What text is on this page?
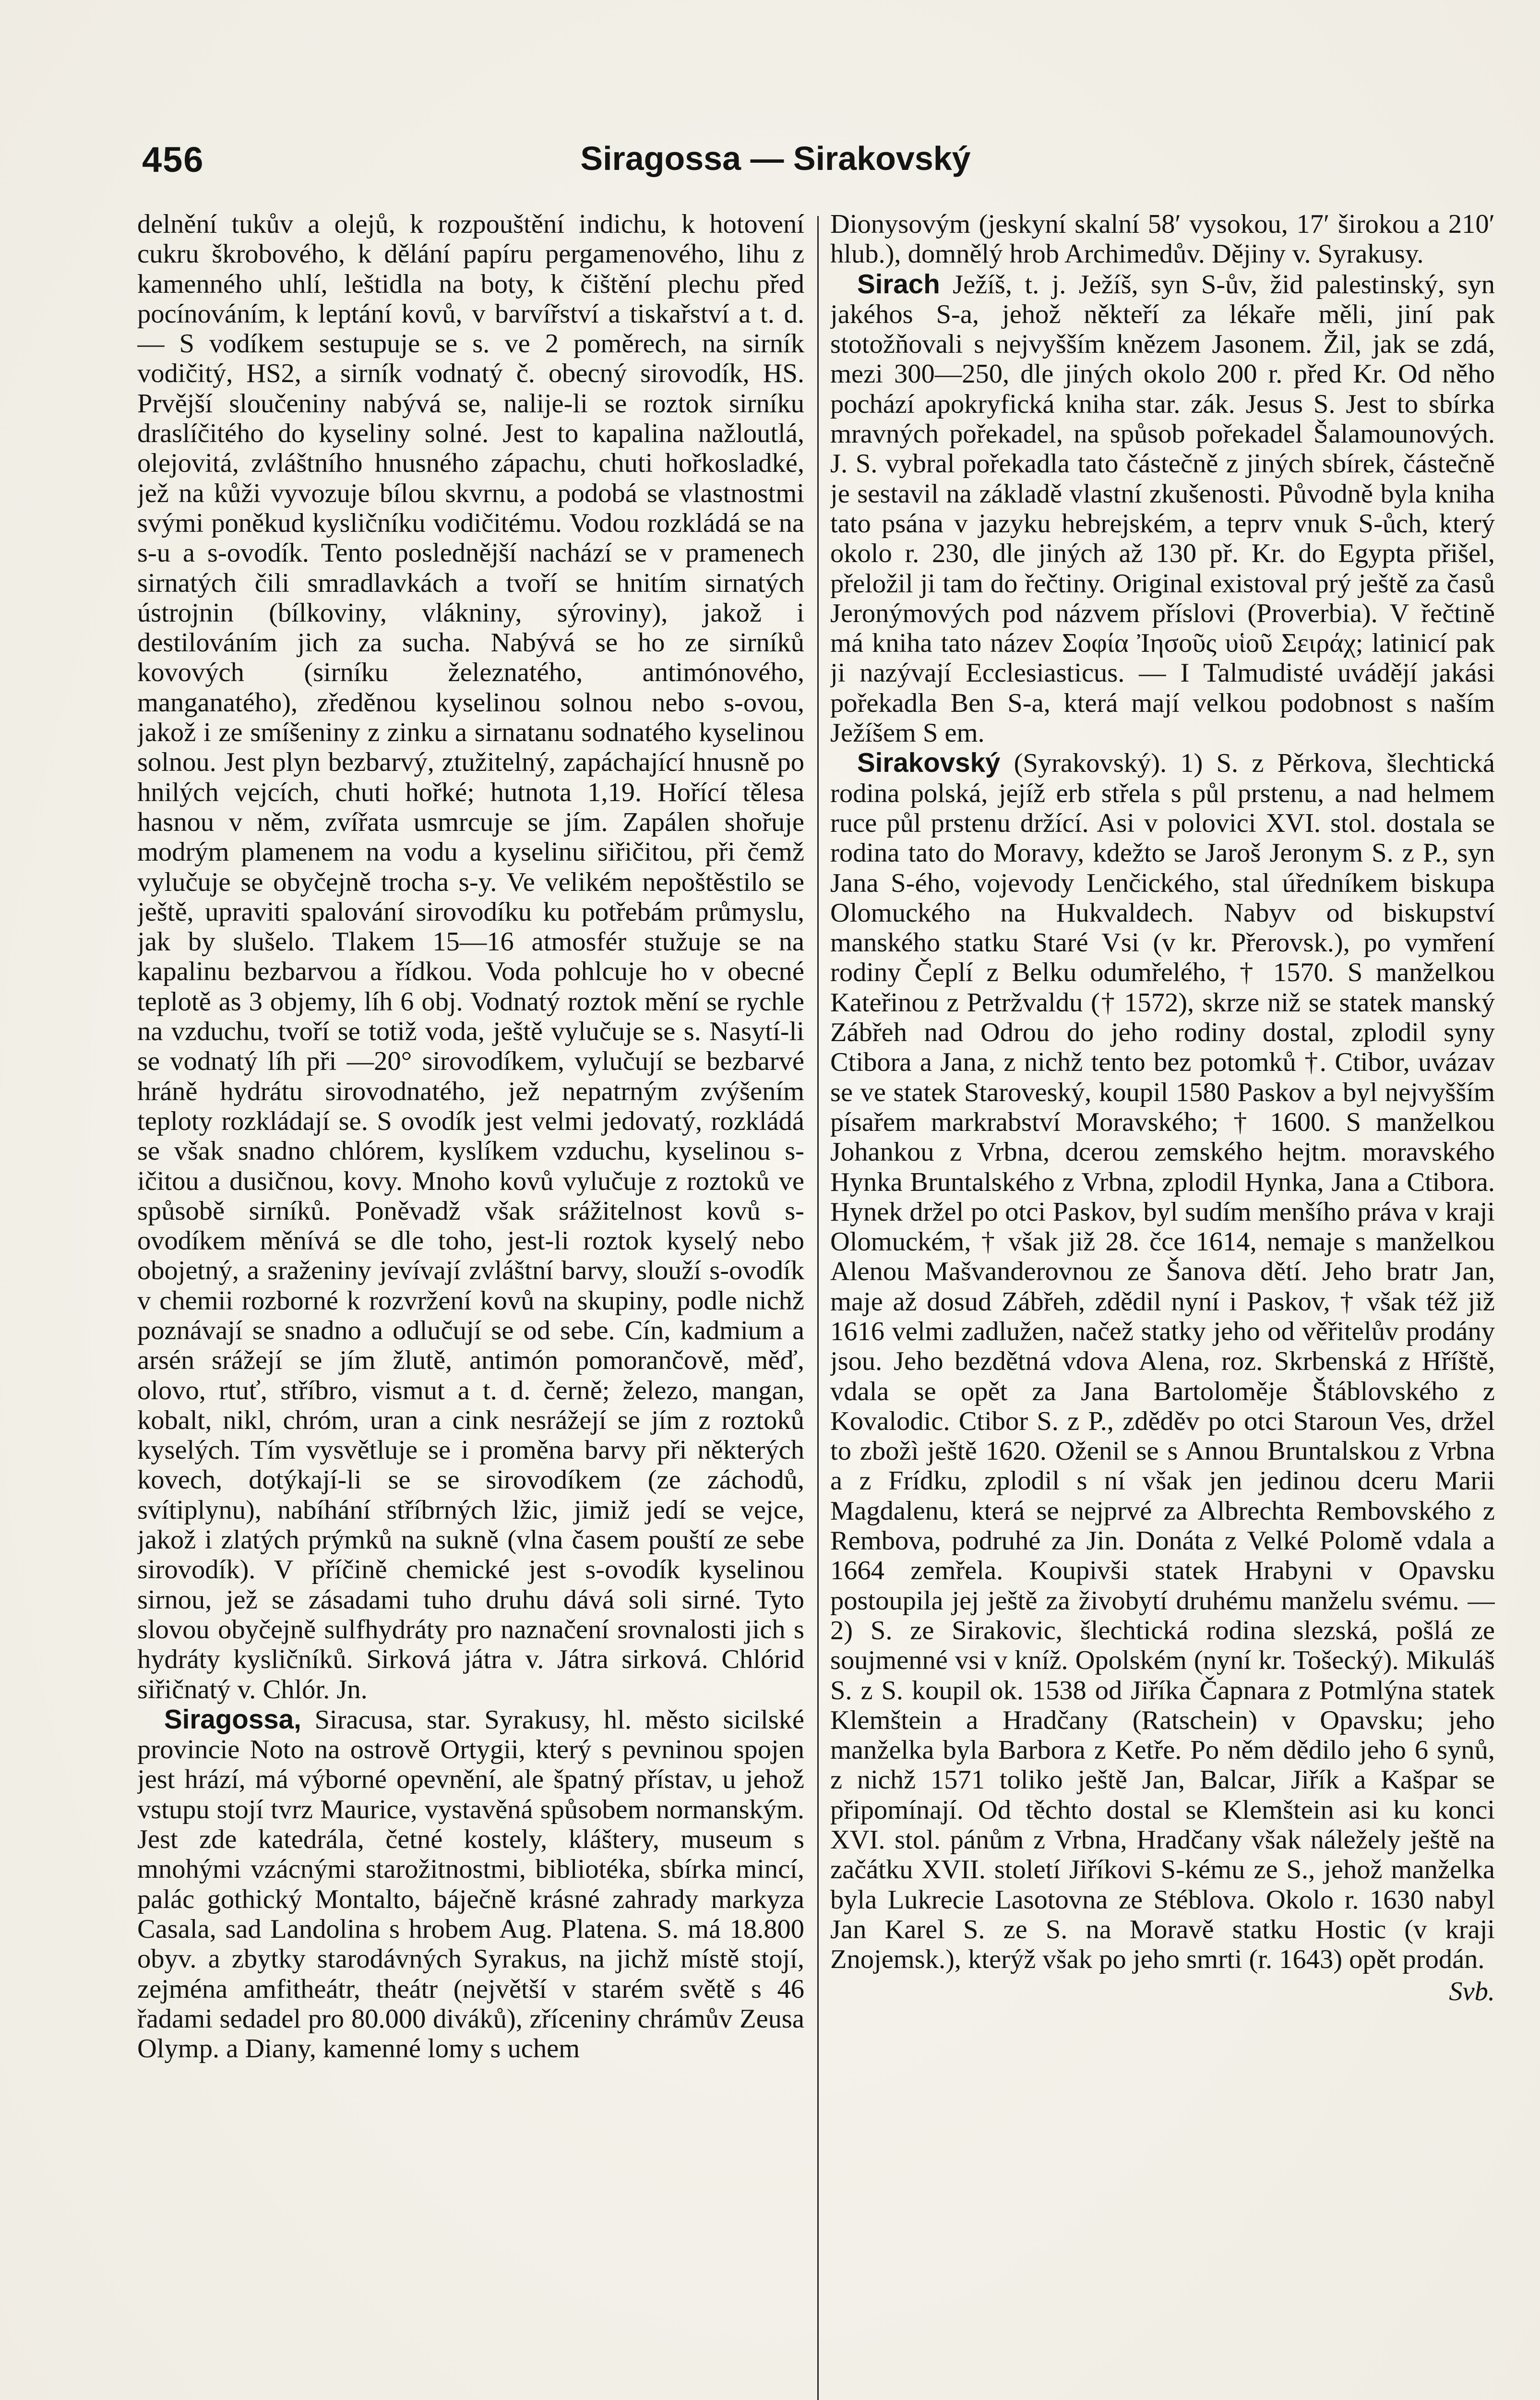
456	Siragossa — Sirakovský

delnění tukův a olejů, k rozpouštění indichu, k hotovení cukru škrobového, k dělání papíru pergamenového, lihu z kamenného uhlí, leštidla na boty, k čištění plechu před pocínováním, k leptání kovů, v barvířství a tiskařství a t. d. — S vodíkem sestupuje se s. ve 2 poměrech, na sirník vodičitý, HS2, a sirník vodnatý č. obecný sirovodík, HS. Prvější sloučeniny nabývá se, nalije-li se roztok sirníku draslíčitého do kyseliny solné. Jest to kapalina nažloutlá, olejovitá, zvláštního hnusného zápachu, chuti hořkosladké, jež na kůži vyvozuje bílou skvrnu, a podobá se vlastnostmi svými poněkud kysličníku vodičitému. Vodou rozkládá se na s-u a s-ovodík. Tento poslednější nachází se v pramenech sirnatých čili smradlavkách a tvoří se hnitím sirnatých ústrojnin (bílkoviny, vlákniny, sýroviny), jakož i destilováním jich za sucha. Nabývá se ho ze sirníků kovových (sirníku železnatého, antimónového, manganatého), zředěnou kyselinou solnou nebo s-ovou, jakož i ze smíšeniny z zinku a sirnatanu sodnatého kyselinou solnou. Jest plyn bezbarvý, ztužitelný, zapáchající hnusně po hnilých vejcích, chuti hořké; hutnota 1,19. Hořící tělesa hasnou v něm, zvířata usmrcuje se jím. Zapálen shořuje modrým plamenem na vodu a kyselinu siřičitou, při čemž vylučuje se obyčejně trocha s-y. Ve velikém nepoštěstilo se ještě, upraviti spalování sirovodíku ku potřebám průmyslu, jak by slušelo. Tlakem 15—16 atmosfér stužuje se na kapalinu bezbarvou a řídkou. Voda pohlcuje ho v obecné teplotě as 3 objemy, líh 6 obj. Vodnatý roztok mění se rychle na vzduchu, tvoří se totiž voda, ještě vylučuje se s. Nasytí-li se vodnatý líh při —20° sirovodíkem, vylučují se bezbarvé hráně hydrátu sirovodnatého, jež nepatrným zvýšením teploty rozkládají se. S ovodík jest velmi jedovatý, rozkládá se však snadno chlórem, kyslíkem vzduchu, kyselinou s-ičitou a dusičnou, kovy. Mnoho kovů vylučuje z roztoků ve spůsobě sirníků. Poněvadž však srážitelnost kovů s-ovodíkem měnívá se dle toho, jest-li roztok kyselý nebo obojetný, a sraženiny jevívají zvláštní barvy, slouží s-ovodík v chemii rozborné k rozvržení kovů na skupiny, podle nichž poznávají se snadno a odlučují se od sebe. Cín, kadmium a arsén srážejí se jím žlutě, antimón pomorančově, měď, olovo, rtuť, stříbro, vismut a t. d. černě; železo, mangan, kobalt, nikl, chróm, uran a cink nesrážejí se jím z roztoků kyselých. Tím vysvětluje se i proměna barvy při některých kovech, dotýkají-li se se sirovodíkem (ze záchodů, svítiplynu), nabíhání stříbrných lžic, jimiž jedí se vejce, jakož i zlatých prýmků na sukně (vlna časem pouští ze sebe sirovodík). V příčině chemické jest s-ovodík kyselinou sirnou, jež se zásadami tuho druhu dává soli sirné. Tyto slovou obyčejně sulfhydráty pro naznačení srovnalosti jich s hydráty kysličníků. Sirková játra v. Játra sirková. Chlórid siřičnatý v. Chlór. Jn.

Siragossa, Siracusa, star. Syrakusy, hl. město sicilské provincie Noto na ostrově Ortygii, který s pevninou spojen jest hrází, má výborné opevnění, ale špatný přístav, u jehož vstupu stojí tvrz Maurice, vystavěná spůsobem normanským. Jest zde katedrála, četné kostely, kláštery, museum s mnohými vzácnými starožitnostmi, bibliotéka, sbírka mincí, palác gothický Montalto, báječně krásné zahrady markyza Casala, sad Landolina s hrobem Aug. Platena. S. má 18.800 obyv. a zbytky starodávných Syrakus, na jichž místě stojí, zejména amfitheátr, theátr (největší v starém světě s 46 řadami sedadel pro 80.000 diváků), zříceniny chrámův Zeusa Olymp. a Diany, kamenné lomy s uchem

Dionysovým (jeskyní skalní 58′ vysokou, 17′ širokou a 210′ hlub.), domnělý hrob Archimedův. Dějiny v. Syrakusy.

Sirach Ježíš, t. j. Ježíš, syn S-ův, žid palestinský, syn jakéhos S-a, jehož někteří za lékaře měli, jiní pak stotožňovali s nejvyšším knězem Jasonem. Žil, jak se zdá, mezi 300—250, dle jiných okolo 200 r. před Kr. Od něho pochází apokryfická kniha star. zák. Jesus S. Jest to sbírka mravných pořekadel, na spůsob pořekadel Šalamounových. J. S. vybral pořekadla tato částečně z jiných sbírek, částečně je sestavil na základě vlastní zkušenosti. Původně byla kniha tato psána v jazyku hebrejském, a teprv vnuk S-ůch, který okolo r. 230, dle jiných až 130 př. Kr. do Egypta přišel, přeložil ji tam do řečtiny. Original existoval prý ještě za časů Jeronýmových pod názvem příslovi (Proverbia). V řečtině má kniha tato název Σοφία Ἰησοῦς υἱοῦ Σειράχ; latinicí pak ji nazývají Ecclesiasticus. — I Talmudisté uvádějí jakási pořekadla Ben S-a, která mají velkou podobnost s naším Ježíšem S em.

Sirakovský (Syrakovský). 1) S. z Pěrkova, šlechtická rodina polská, jejíž erb střela s půl prstenu, a nad helmem ruce půl prstenu držící. Asi v polovici XVI. stol. dostala se rodina tato do Moravy, kdežto se Jaroš Jeronym S. z P., syn Jana S-ého, vojevody Lenčického, stal úředníkem biskupa Olomuckého na Hukvaldech. Nabyv od biskupství manského statku Staré Vsi (v kr. Přerovsk.), po vymření rodiny Čeplí z Belku odumřelého, † 1570. S manželkou Kateřinou z Petržvaldu († 1572), skrze niž se statek manský Zábřeh nad Odrou do jeho rodiny dostal, zplodil syny Ctibora a Jana, z nichž tento bez potomků †. Ctibor, uvázav se ve statek Staroveský, koupil 1580 Paskov a byl nejvyšším písařem markrabství Moravského; † 1600. S manželkou Johankou z Vrbna, dcerou zemského hejtm. moravského Hynka Bruntalského z Vrbna, zplodil Hynka, Jana a Ctibora. Hynek držel po otci Paskov, byl sudím menšího práva v kraji Olomuckém, † však již 28. čce 1614, nemaje s manželkou Alenou Mašvanderovnou ze Šanova dětí. Jeho bratr Jan, maje až dosud Zábřeh, zdědil nyní i Paskov, † však též již 1616 velmi zadlužen, načež statky jeho od věřitelův prodány jsou. Jeho bezdětná vdova Alena, roz. Skrbenská z Hříště, vdala se opět za Jana Bartoloměje Štáblovského z Kovalodic. Ctibor S. z P., zděděv po otci Staroun Ves, držel to zbožì ještě 1620. Oženil se s Annou Bruntalskou z Vrbna a z Frídku, zplodil s ní však jen jedinou dceru Marii Magdalenu, která se nejprvé za Albrechta Rembovského z Rembova, podruhé za Jin. Donáta z Velké Polomě vdala a 1664 zemřela. Koupivši statek Hrabyni v Opavsku postoupila jej ještě za živobytí druhému manželu svému. — 2) S. ze Sirakovic, šlechtická rodina slezská, pošlá ze soujmenné vsi v kníž. Opolském (nyní kr. Tošecký). Mikuláš S. z S. koupil ok. 1538 od Jiříka Čapnara z Potmlýna statek Klemštein a Hradčany (Ratschein) v Opavsku; jeho manželka byla Barbora z Ketře. Po něm dědilo jeho 6 synů, z nichž 1571 toliko ještě Jan, Balcar, Jiřík a Kašpar se připomínají. Od těchto dostal se Klemštein asi ku konci XVI. stol. pánům z Vrbna, Hradčany však náležely ještě na začátku XVII. století Jiříkovi S-kému ze S., jehož manželka byla Lukrecie Lasotovna ze Stéblova. Okolo r. 1630 nabyl Jan Karel S. ze S. na Moravě statku Hostic (v kraji Znojemsk.), kterýž však po jeho smrti (r. 1643) opět prodán.

Svb.
